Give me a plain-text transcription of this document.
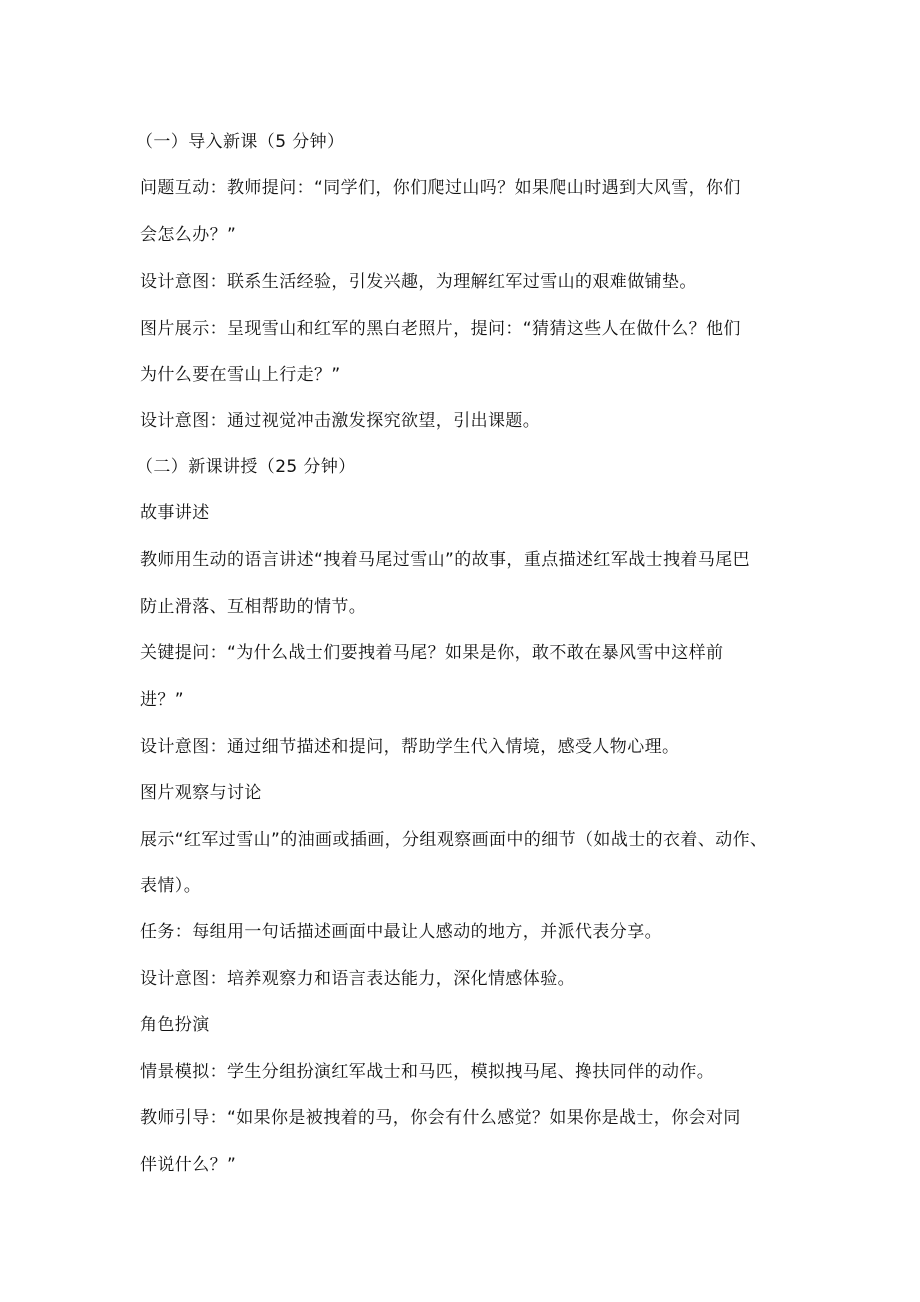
（一）导入新课（5 分钟）
问题互动：教师提问：“同学们，你们爬过山吗？如果爬山时遇到大风雪，你们
会怎么办？”
设计意图：联系生活经验，引发兴趣，为理解红军过雪山的艰难做铺垫。
图片展示：呈现雪山和红军的黑白老照片，提问：“猜猜这些人在做什么？他们
为什么要在雪山上行走？”
设计意图：通过视觉冲击激发探究欲望，引出课题。
（二）新课讲授（25 分钟）
故事讲述
教师用生动的语言讲述“拽着马尾过雪山”的故事，重点描述红军战士拽着马尾巴
防止滑落、互相帮助的情节。
关键提问：“为什么战士们要拽着马尾？如果是你，敢不敢在暴风雪中这样前
进？”
设计意图：通过细节描述和提问，帮助学生代入情境，感受人物心理。
图片观察与讨论
展示“红军过雪山”的油画或插画，分组观察画面中的细节（如战士的衣着、动作、
表情）。
任务：每组用一句话描述画面中最让人感动的地方，并派代表分享。
设计意图：培养观察力和语言表达能力，深化情感体验。
角色扮演
情景模拟：学生分组扮演红军战士和马匹，模拟拽马尾、搀扶同伴的动作。
教师引导：“如果你是被拽着的马，你会有什么感觉？如果你是战士，你会对同
伴说什么？”
